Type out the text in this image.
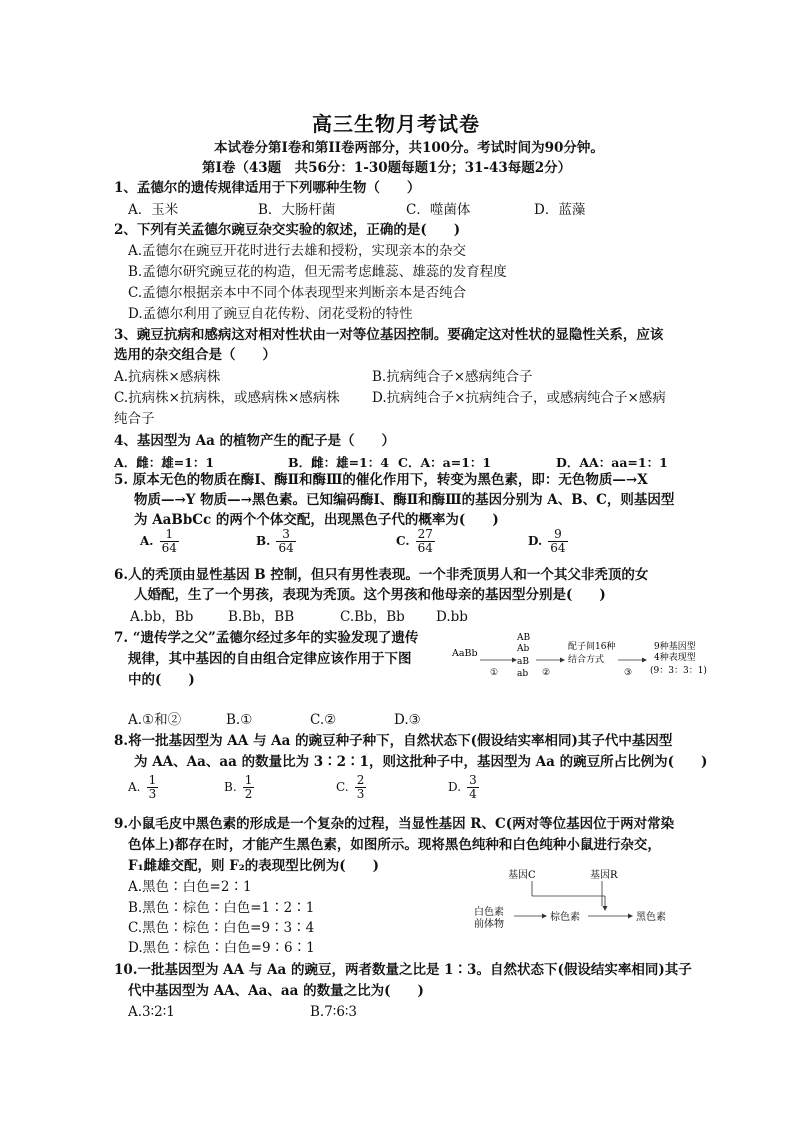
高三生物月考试卷
本试卷分第I卷和第II卷两部分，共100分。考试时间为90分钟。
第I卷（43题　共56分：1-30题每题1分；31-43每题2分）
1、孟德尔的遗传规律适用于下列哪种生物（　　）
A．玉米	B．大肠杆菌	C．噬菌体	D．蓝藻
2、下列有关孟德尔豌豆杂交实验的叙述，正确的是(　　)
A.孟德尔在豌豆开花时进行去雄和授粉，实现亲本的杂交
B.孟德尔研究豌豆花的构造，但无需考虑雌蕊、雄蕊的发育程度
C.孟德尔根据亲本中不同个体表现型来判断亲本是否纯合
D.孟德尔利用了豌豆自花传粉、闭花受粉的特性
3、豌豆抗病和感病这对相对性状由一对等位基因控制。要确定这对性状的显隐性关系，应该
选用的杂交组合是（　　）
A.抗病株×感病株	B.抗病纯合子×感病纯合子
C.抗病株×抗病株，或感病株×感病株 D.抗病纯合子×抗病纯合子，或感病纯合子×感病
纯合子
4、基因型为 Aa 的植物产生的配子是（　　）
A．雌：雄=1：1	B．雌：雄=1：4 C．A：a=1：1	D．AA：aa=1：1
5. 原本无色的物质在酶Ⅰ、酶Ⅱ和酶Ⅲ的催化作用下，转变为黑色素，即：无色物质—→X
物质—→Y 物质—→黑色素。已知编码酶Ⅰ、酶Ⅱ和酶Ⅲ的基因分别为 A、B、C，则基因型
为 AaBbCc 的两个个体交配，出现黑色子代的概率为(　　)
A. $\frac{1}{64}$	B. $\frac{3}{64}$	C. $\frac{27}{64}$	D. $\frac{9}{64}$
6.人的秃顶由显性基因 B 控制，但只有男性表现。一个非秃顶男人和一个其父非秃顶的女
人婚配，生了一个男孩，表现为秃顶。这个男孩和他母亲的基因型分别是(　　)
A.bb，Bb	B.Bb，BB	C.Bb，Bb D.bb
7. “遗传学之父”孟德尔经过多年的实验发现了遗传
规律，其中基因的自由组合定律应该作用于下图
中的(　　)
A.①和②	B.①	C.②	D.③
AaBb
①
AB
Ab
aB
ab ②
配子间16种
结合方式
③
9种基因型
4种表现型
(9：3：3：1)
8.将一批基因型为 AA 与 Aa 的豌豆种子种下，自然状态下(假设结实率相同)其子代中基因型
为 AA、Aa、aa 的数量比为 3∶2∶1，则这批种子中，基因型为 Aa 的豌豆所占比例为(　　)
A. $\frac{1}{3}$	B. $\frac{1}{2}$	C. $\frac{2}{3}$	D. $\frac{3}{4}$
9.小鼠毛皮中黑色素的形成是一个复杂的过程，当显性基因 R、C(两对等位基因位于两对常染
色体上)都存在时，才能产生黑色素，如图所示。现将黑色纯种和白色纯种小鼠进行杂交，
F₁雌雄交配，则 F₂的表现型比例为(　　)
A.黑色∶白色=2∶1
B.黑色∶棕色∶白色=1∶2∶1
C.黑色∶棕色∶白色=9∶3∶4
D.黑色∶棕色∶白色=9∶6∶1
基因C	基因R
白色素
前体物
棕色素	黑色素
10.一批基因型为 AA 与 Aa 的豌豆，两者数量之比是 1∶3。自然状态下(假设结实率相同)其子
代中基因型为 AA、Aa、aa 的数量之比为(　　)
A.3∶2∶1	B.7∶6∶3
